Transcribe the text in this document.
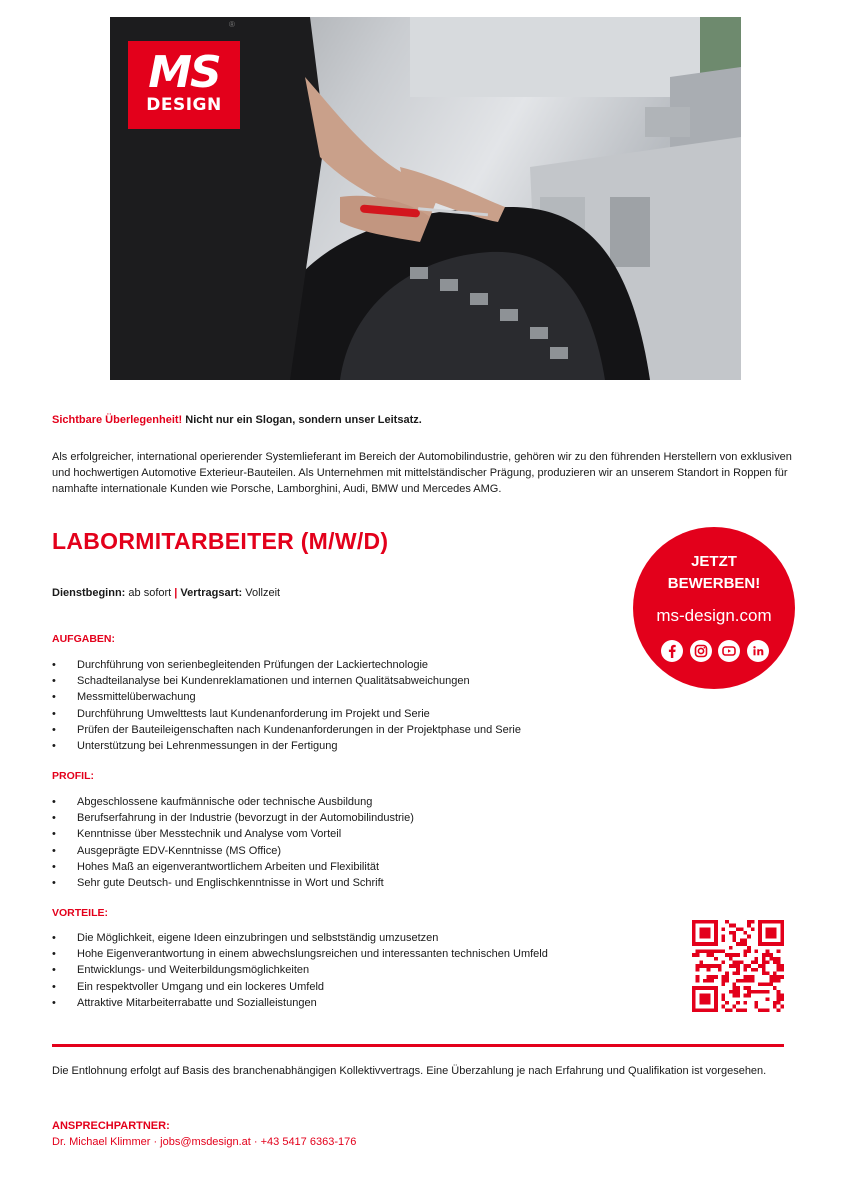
MS
DESIGN
®
Sichtbare Überlegenheit! Nicht nur ein Slogan, sondern unser Leitsatz.
Als erfolgreicher, international operierender Systemlieferant im Bereich der Automobilindustrie, gehören wir zu den führenden Herstellern von exklusiven und hochwertigen Automotive Exterieur-Bauteilen. Als Unternehmen mit mittelständischer Prägung, produzieren wir an unserem Standort in Roppen für namhafte internationale Kunden wie Porsche, Lamborghini, Audi, BMW und Mercedes AMG.
LABORMITARBEITER (M/W/D)
Dienstbeginn: ab sofort | Vertragsart: Vollzeit
JETZT
BEWERBEN!
ms-design.com
AUFGABEN:
• Durchführung von serienbegleitenden Prüfungen der Lackiertechnologie
• Schadteilanalyse bei Kundenreklamationen und internen Qualitätsabweichungen
• Messmittelüberwachung
• Durchführung Umwelttests laut Kundenanforderung im Projekt und Serie
• Prüfen der Bauteileigenschaften nach Kundenanforderungen in der Projektphase und Serie
• Unterstützung bei Lehrenmessungen in der Fertigung
PROFIL:
• Abgeschlossene kaufmännische oder technische Ausbildung
• Berufserfahrung in der Industrie (bevorzugt in der Automobilindustrie)
• Kenntnisse über Messtechnik und Analyse vom Vorteil
• Ausgeprägte EDV-Kenntnisse (MS Office)
• Hohes Maß an eigenverantwortlichem Arbeiten und Flexibilität
• Sehr gute Deutsch- und Englischkenntnisse in Wort und Schrift
VORTEILE:
• Die Möglichkeit, eigene Ideen einzubringen und selbstständig umzusetzen
• Hohe Eigenverantwortung in einem abwechslungsreichen und interessanten technischen Umfeld
• Entwicklungs- und Weiterbildungsmöglichkeiten
• Ein respektvoller Umgang und ein lockeres Umfeld
• Attraktive Mitarbeiterrabatte und Sozialleistungen
Die Entlohnung erfolgt auf Basis des branchenabhängigen Kollektivvertrags. Eine Überzahlung je nach Erfahrung und Qualifikation ist vorgesehen.
ANSPRECHPARTNER:
Dr. Michael Klimmer · jobs@msdesign.at · +43 5417 6363-176
